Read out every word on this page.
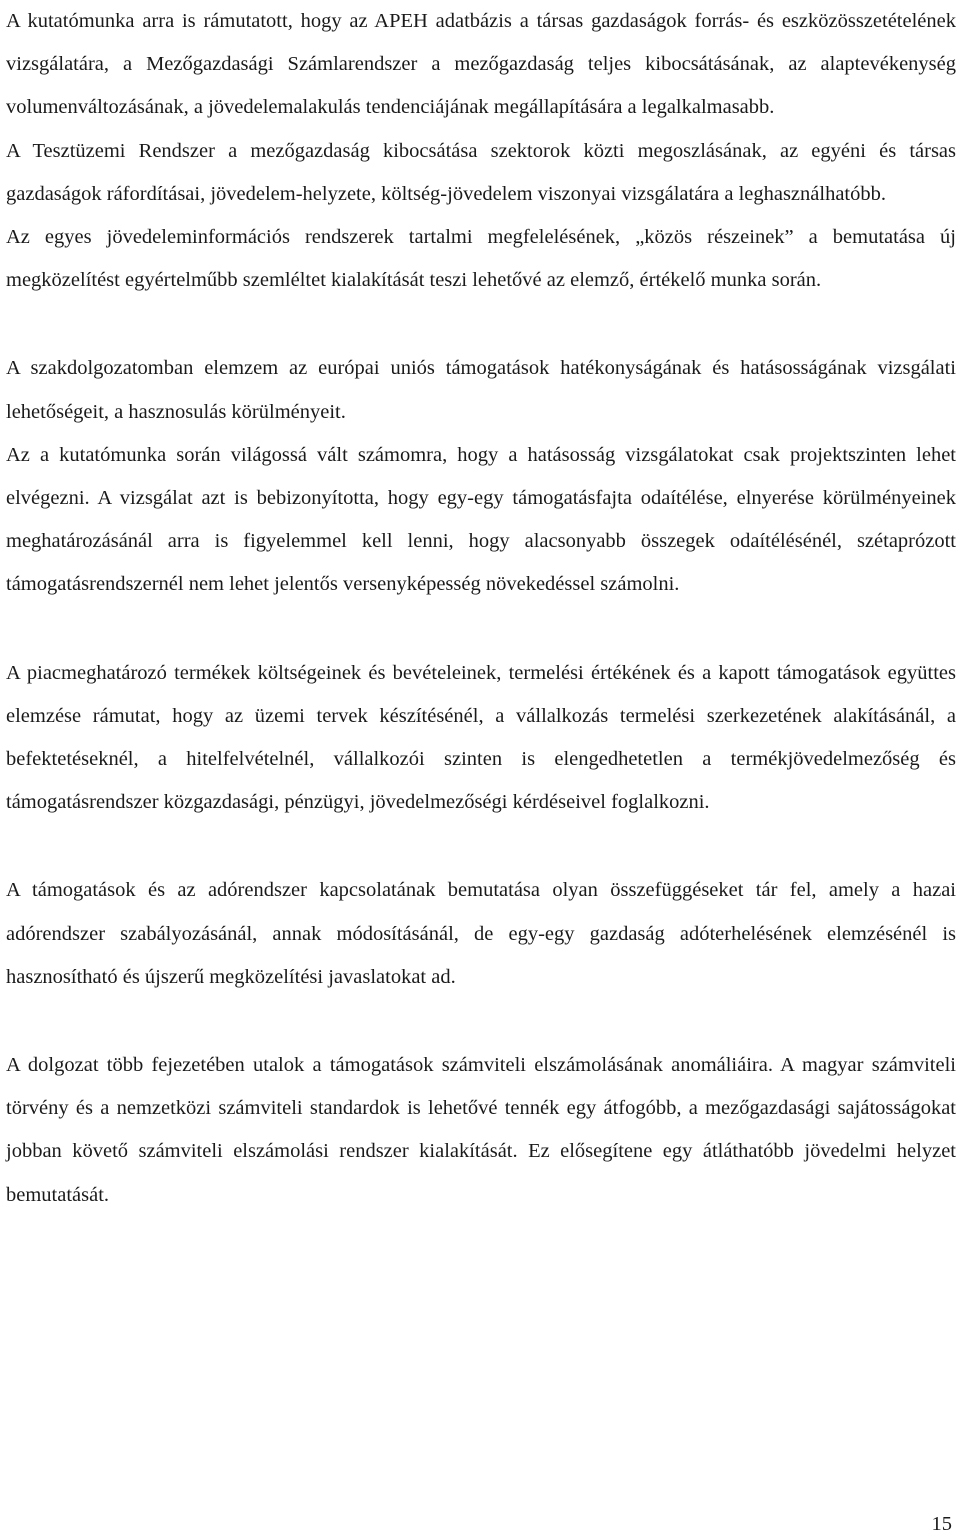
A kutatómunka arra is rámutatott, hogy az APEH adatbázis a társas gazdaságok forrás- és eszközösszetételének vizsgálatára, a Mezőgazdasági Számlarendszer a mezőgazdaság teljes kibocsátásának, az alaptevékenység volumenváltozásának, a jövedelemalakulás tendenciájának megállapítására a legalkalmasabb.

A Tesztüzemi Rendszer a mezőgazdaság kibocsátása szektorok közti megoszlásának, az egyéni és társas gazdaságok ráfordításai, jövedelem-helyzete, költség-jövedelem viszonyai vizsgálatára a leghasználhatóbb.

Az egyes jövedeleminformációs rendszerek tartalmi megfelelésének, „közös részeinek” a bemutatása új megközelítést egyértelműbb szemléltet kialakítását teszi lehetővé az elemző, értékelő munka során.

A szakdolgozatomban elemzem az európai uniós támogatások hatékonyságának és hatásosságának vizsgálati lehetőségeit, a hasznosulás körülményeit.

Az a kutatómunka során világossá vált számomra, hogy a hatásosság vizsgálatokat csak projektszinten lehet elvégezni. A vizsgálat azt is bebizonyította, hogy egy-egy támogatásfajta odaítélése, elnyerése körülményeinek meghatározásánál arra is figyelemmel kell lenni, hogy alacsonyabb összegek odaítélésénél, szétaprózott támogatásrendszernél nem lehet jelentős versenyképesség növekedéssel számolni.

A piacmeghatározó termékek költségeinek és bevételeinek, termelési értékének és a kapott támogatások együttes elemzése rámutat, hogy az üzemi tervek készítésénél, a vállalkozás termelési szerkezetének alakításánál, a befektetéseknél, a hitelfelvételnél, vállalkozói szinten is elengedhetetlen a termékjövedelmezőség és támogatásrendszer közgazdasági, pénzügyi, jövedelmezőségi kérdéseivel foglalkozni.

A támogatások és az adórendszer kapcsolatának bemutatása olyan összefüggéseket tár fel, amely a hazai adórendszer szabályozásánál, annak módosításánál, de egy-egy gazdaság adóterhelésének elemzésénél is hasznosítható és újszerű megközelítési javaslatokat ad.

A dolgozat több fejezetében utalok a támogatások számviteli elszámolásának anomáliáira. A magyar számviteli törvény és a nemzetközi számviteli standardok is lehetővé tennék egy átfogóbb, a mezőgazdasági sajátosságokat jobban követő számviteli elszámolási rendszer kialakítását. Ez elősegítene egy átláthatóbb jövedelmi helyzet bemutatását.

15
